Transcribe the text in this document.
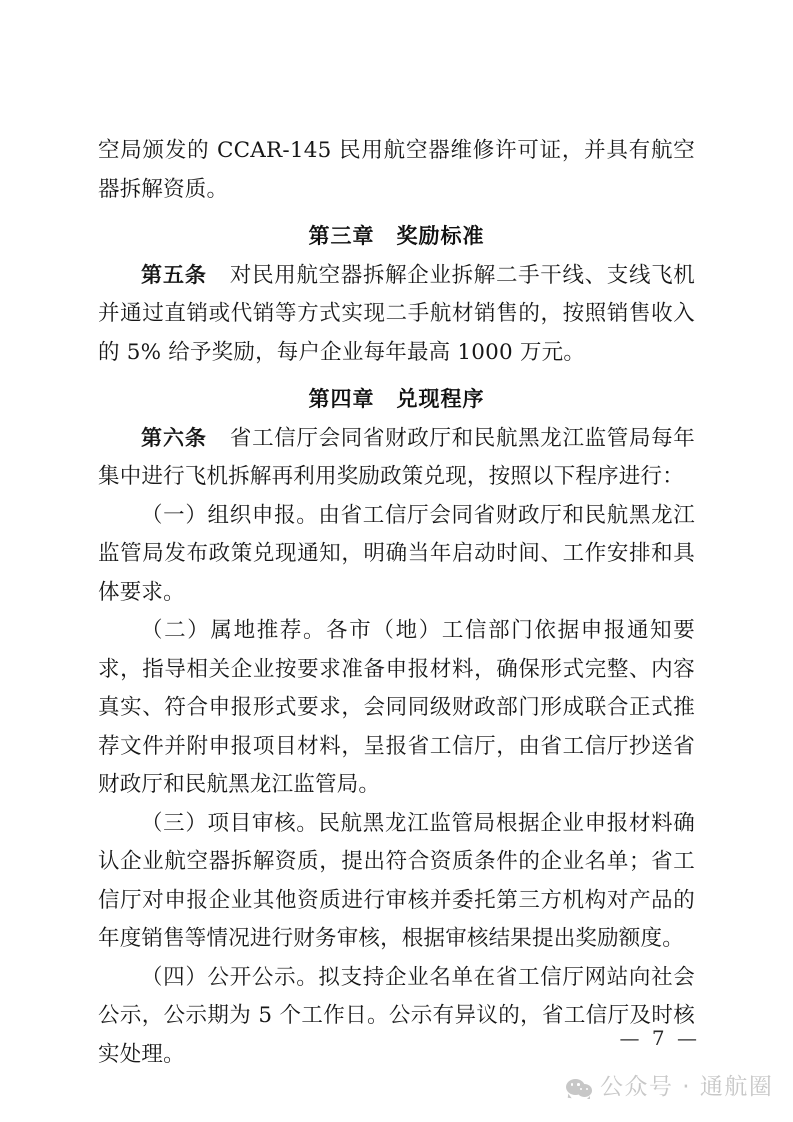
空局颁发的 CCAR-145 民用航空器维修许可证，并具有航空器拆解资质。

第三章　奖励标准

第五条 对民用航空器拆解企业拆解二手干线、支线飞机并通过直销或代销等方式实现二手航材销售的，按照销售收入的 5% 给予奖励，每户企业每年最高 1000 万元。

第四章　兑现程序

第六条 省工信厅会同省财政厅和民航黑龙江监管局每年集中进行飞机拆解再利用奖励政策兑现，按照以下程序进行：

（一）组织申报。由省工信厅会同省财政厅和民航黑龙江监管局发布政策兑现通知，明确当年启动时间、工作安排和具体要求。

（二）属地推荐。各市（地）工信部门依据申报通知要求，指导相关企业按要求准备申报材料，确保形式完整、内容真实、符合申报形式要求，会同同级财政部门形成联合正式推荐文件并附申报项目材料，呈报省工信厅，由省工信厅抄送省财政厅和民航黑龙江监管局。

（三）项目审核。民航黑龙江监管局根据企业申报材料确认企业航空器拆解资质，提出符合资质条件的企业名单；省工信厅对申报企业其他资质进行审核并委托第三方机构对产品的年度销售等情况进行财务审核，根据审核结果提出奖励额度。

（四）公开公示。拟支持企业名单在省工信厅网站向社会公示，公示期为 5 个工作日。公示有异议的，省工信厅及时核实处理。

— 7 —
公众号 · 通航圈
